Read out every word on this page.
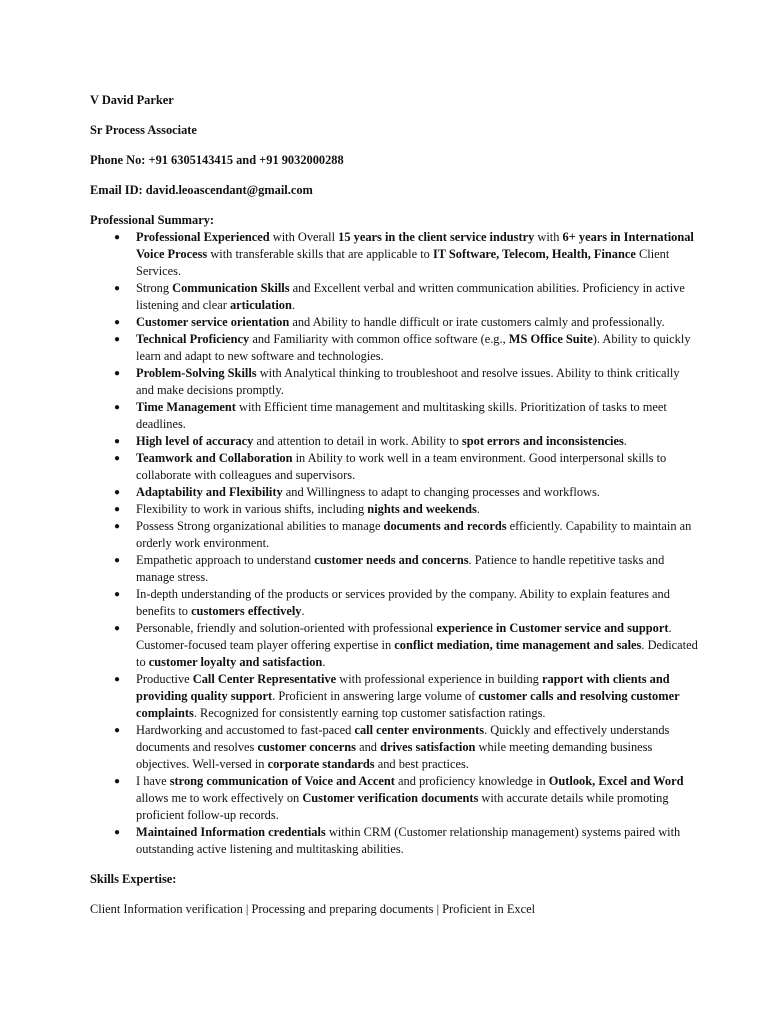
V David Parker

Sr Process Associate

Phone No: +91 6305143415 and +91 9032000288

Email ID: david.leoascendant@gmail.com

Professional Summary:

● Professional Experienced with Overall 15 years in the client service industry with 6+ years in International Voice Process with transferable skills that are applicable to IT Software, Telecom, Health, Finance Client Services.
● Strong Communication Skills and Excellent verbal and written communication abilities. Proficiency in active listening and clear articulation.
● Customer service orientation and Ability to handle difficult or irate customers calmly and professionally.
● Technical Proficiency and Familiarity with common office software (e.g., MS Office Suite). Ability to quickly learn and adapt to new software and technologies.
● Problem-Solving Skills with Analytical thinking to troubleshoot and resolve issues. Ability to think critically and make decisions promptly.
● Time Management with Efficient time management and multitasking skills. Prioritization of tasks to meet deadlines.
● High level of accuracy and attention to detail in work. Ability to spot errors and inconsistencies.
● Teamwork and Collaboration in Ability to work well in a team environment. Good interpersonal skills to collaborate with colleagues and supervisors.
● Adaptability and Flexibility and Willingness to adapt to changing processes and workflows.
● Flexibility to work in various shifts, including nights and weekends.
● Possess Strong organizational abilities to manage documents and records efficiently. Capability to maintain an orderly work environment.
● Empathetic approach to understand customer needs and concerns. Patience to handle repetitive tasks and manage stress.
● In-depth understanding of the products or services provided by the company. Ability to explain features and benefits to customers effectively.
● Personable, friendly and solution-oriented with professional experience in Customer service and support. Customer-focused team player offering expertise in conflict mediation, time management and sales. Dedicated to customer loyalty and satisfaction.
● Productive Call Center Representative with professional experience in building rapport with clients and providing quality support. Proficient in answering large volume of customer calls and resolving customer complaints. Recognized for consistently earning top customer satisfaction ratings.
● Hardworking and accustomed to fast-paced call center environments. Quickly and effectively understands documents and resolves customer concerns and drives satisfaction while meeting demanding business objectives. Well-versed in corporate standards and best practices.
● I have strong communication of Voice and Accent and proficiency knowledge in Outlook, Excel and Word allows me to work effectively on Customer verification documents with accurate details while promoting proficient follow-up records.
● Maintained Information credentials within CRM (Customer relationship management) systems paired with outstanding active listening and multitasking abilities.

Skills Expertise:

Client Information verification | Processing and preparing documents | Proficient in Excel
